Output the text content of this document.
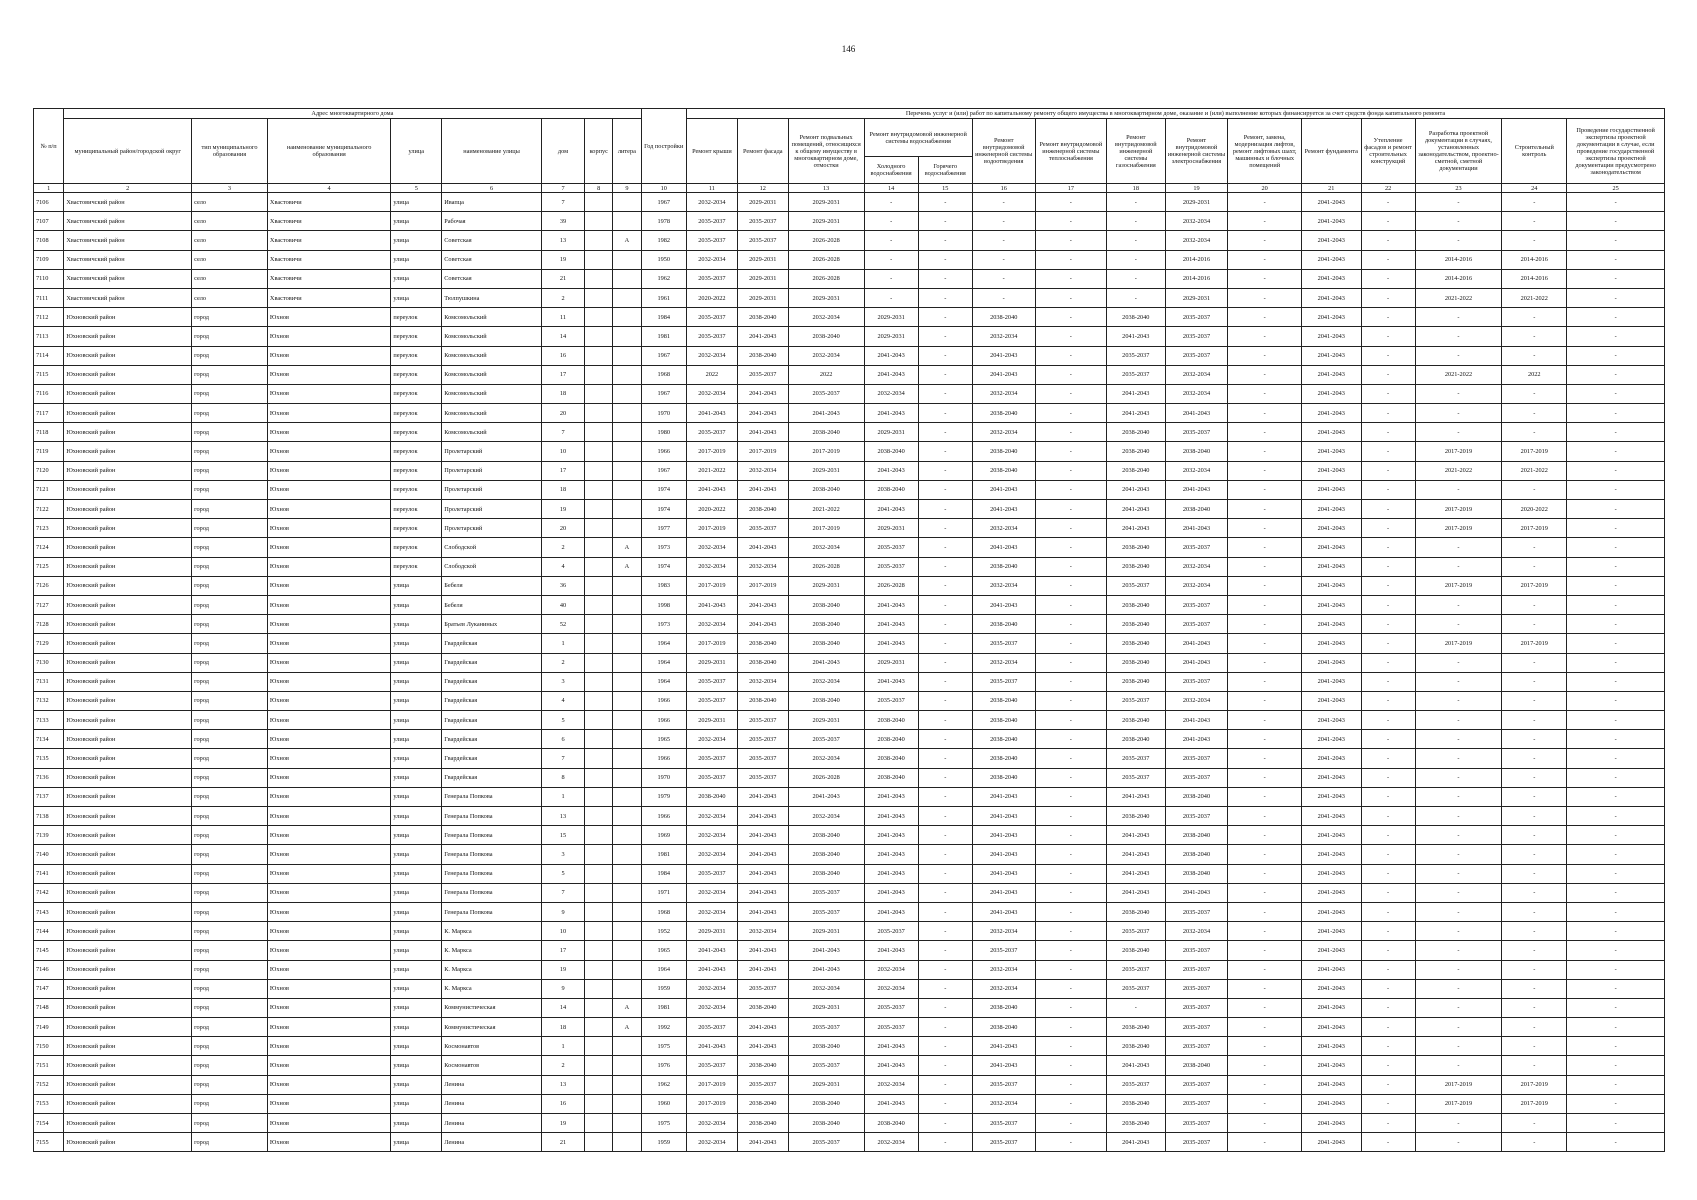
146
№ п/п	Адрес многоквартирного дома								Год постройки	Перечень услуг и (или) работ по капитальному ремонту общего имущества в многоквартирном доме, оказание и (или) выполнение которых финансируется за счет средств фонда капитального ремонта														
	муниципальный район/городской округ	тип муниципального образования	наименование муниципального образования	улица	наименование улицы	дом	корпус	литера		Ремонт крыши	Ремонт фасада	Ремонт подвальных помещений, относящихся к общему имуществу в многоквартирном доме, отмостки	Ремонт внутридомовой инженерной системы водоснабжения		Ремонт внутридомовой инженерной системы водоотведения	Ремонт внутридомовой инженерной системы теплоснабжения	Ремонт внутридомовой инженерной системы газоснабжения	Ремонт внутридомовой инженерной системы электроснабжения	Ремонт, замена, модернизация лифтов, ремонт лифтовых шахт, машинных и блочных помещений	Ремонт фундамента	Утепление фасадов и ремонт строительных конструкций	Разработка проектной документации в случаях, установленных законодательством, проектно-сметной, сметной документации	Строительный контроль	Проведение государственной экспертизы проектной документации в случае, если проведение государственной экспертизы проектной документации предусмотрено законодательством
													Холодного водоснабжения	Горячего водоснабжения										
1	2	3	4	5	6	7	8	9	10	11	12	13	14	15	16	17	18	19	20	21	22	23	24	25
7106	Хвастовичский район	село	Хвастовичи	улица	Ивапца	7			1967	2032-2034	2029-2031	2029-2031	-	-	-	-	-	2029-2031	-	2041-2043	-	-	-	-
7107	Хвастовичский район	село	Хвастовичи	улица	Рабочая	39			1978	2035-2037	2035-2037	2029-2031	-	-	-	-	-	2032-2034	-	2041-2043	-	-	-	-
7108	Хвастовичский район	село	Хвастовичи	улица	Советская	13		А	1982	2035-2037	2035-2037	2026-2028	-	-	-	-	-	2032-2034	-	2041-2043	-	-	-	-
7109	Хвастовичский район	село	Хвастовичи	улица	Советская	19			1950	2032-2034	2029-2031	2026-2028	-	-	-	-	-	2014-2016	-	2041-2043	-	2014-2016	2014-2016	-
7110	Хвастовичский район	село	Хвастовичи	улица	Советская	21			1962	2035-2037	2029-2031	2026-2028	-	-	-	-	-	2014-2016	-	2041-2043	-	2014-2016	2014-2016	-
7111	Хвастовичский район	село	Хвастовичи	улица	Тюлпушкина	2			1961	2020-2022	2029-2031	2029-2031	-	-	-	-	-	2029-2031	-	2041-2043	-	2021-2022	2021-2022	-
7112	Юхновский район	город	Юхнов	переулок	Комсомольский	11			1984	2035-2037	2038-2040	2032-2034	2029-2031	-	2038-2040	-	2038-2040	2035-2037	-	2041-2043	-	-	-	-
7113	Юхновский район	город	Юхнов	переулок	Комсомольский	14			1981	2035-2037	2041-2043	2038-2040	2029-2031	-	2032-2034	-	2041-2043	2035-2037	-	2041-2043	-	-	-	-
7114	Юхновский район	город	Юхнов	переулок	Комсомольский	16			1967	2032-2034	2038-2040	2032-2034	2041-2043	-	2041-2043	-	2035-2037	2035-2037	-	2041-2043	-	-	-	-
7115	Юхновский район	город	Юхнов	переулок	Комсомольский	17			1968	2022	2035-2037	2022	2041-2043	-	2041-2043	-	2035-2037	2032-2034	-	2041-2043	-	2021-2022	2022	-
7116	Юхновский район	город	Юхнов	переулок	Комсомольский	18			1967	2032-2034	2041-2043	2035-2037	2032-2034	-	2032-2034	-	2041-2043	2032-2034	-	2041-2043	-	-	-	-
7117	Юхновский район	город	Юхнов	переулок	Комсомольский	20			1970	2041-2043	2041-2043	2041-2043	2041-2043	-	2038-2040	-	2041-2043	2041-2043	-	2041-2043	-	-	-	-
7118	Юхновский район	город	Юхнов	переулок	Комсомольский	7			1980	2035-2037	2041-2043	2038-2040	2029-2031	-	2032-2034	-	2038-2040	2035-2037	-	2041-2043	-	-	-	-
7119	Юхновский район	город	Юхнов	переулок	Пролетарский	10			1966	2017-2019	2017-2019	2017-2019	2038-2040	-	2038-2040	-	2038-2040	2038-2040	-	2041-2043	-	2017-2019	2017-2019	-
7120	Юхновский район	город	Юхнов	переулок	Пролетарский	17			1967	2021-2022	2032-2034	2029-2031	2041-2043	-	2038-2040	-	2038-2040	2032-2034	-	2041-2043	-	2021-2022	2021-2022	-
7121	Юхновский район	город	Юхнов	переулок	Пролетарский	18			1974	2041-2043	2041-2043	2038-2040	2038-2040	-	2041-2043	-	2041-2043	2041-2043	-	2041-2043	-	-	-	-
7122	Юхновский район	город	Юхнов	переулок	Пролетарский	19			1974	2020-2022	2038-2040	2021-2022	2041-2043	-	2041-2043	-	2041-2043	2038-2040	-	2041-2043	-	2017-2019	2020-2022	-
7123	Юхновский район	город	Юхнов	переулок	Пролетарский	20			1977	2017-2019	2035-2037	2017-2019	2029-2031	-	2032-2034	-	2041-2043	2041-2043	-	2041-2043	-	2017-2019	2017-2019	-
7124	Юхновский район	город	Юхнов	переулок	Слободской	2		А	1973	2032-2034	2041-2043	2032-2034	2035-2037	-	2041-2043	-	2038-2040	2035-2037	-	2041-2043	-	-	-	-
7125	Юхновский район	город	Юхнов	переулок	Слободской	4		А	1974	2032-2034	2032-2034	2026-2028	2035-2037	-	2038-2040	-	2038-2040	2032-2034	-	2041-2043	-	-	-	-
7126	Юхновский район	город	Юхнов	улица	Бебеля	36			1983	2017-2019	2017-2019	2029-2031	2026-2028	-	2032-2034	-	2035-2037	2032-2034	-	2041-2043	-	2017-2019	2017-2019	-
7127	Юхновский район	город	Юхнов	улица	Бебеля	40			1998	2041-2043	2041-2043	2038-2040	2041-2043	-	2041-2043	-	2038-2040	2035-2037	-	2041-2043	-	-	-	-
7128	Юхновский район	город	Юхнов	улица	Братьев Луканиных	52			1973	2032-2034	2041-2043	2038-2040	2041-2043	-	2038-2040	-	2038-2040	2035-2037	-	2041-2043	-	-	-	-
7129	Юхновский район	город	Юхнов	улица	Гвардейская	1			1964	2017-2019	2038-2040	2038-2040	2041-2043	-	2035-2037	-	2038-2040	2041-2043	-	2041-2043	-	2017-2019	2017-2019	-
7130	Юхновский район	город	Юхнов	улица	Гвардейская	2			1964	2029-2031	2038-2040	2041-2043	2029-2031	-	2032-2034	-	2038-2040	2041-2043	-	2041-2043	-	-	-	-
7131	Юхновский район	город	Юхнов	улица	Гвардейская	3			1964	2035-2037	2032-2034	2032-2034	2041-2043	-	2035-2037	-	2038-2040	2035-2037	-	2041-2043	-	-	-	-
7132	Юхновский район	город	Юхнов	улица	Гвардейская	4			1966	2035-2037	2038-2040	2038-2040	2035-2037	-	2038-2040	-	2035-2037	2032-2034	-	2041-2043	-	-	-	-
7133	Юхновский район	город	Юхнов	улица	Гвардейская	5			1966	2029-2031	2035-2037	2029-2031	2038-2040	-	2038-2040	-	2038-2040	2041-2043	-	2041-2043	-	-	-	-
7134	Юхновский район	город	Юхнов	улица	Гвардейская	6			1965	2032-2034	2035-2037	2035-2037	2038-2040	-	2038-2040	-	2038-2040	2041-2043	-	2041-2043	-	-	-	-
7135	Юхновский район	город	Юхнов	улица	Гвардейская	7			1966	2035-2037	2035-2037	2032-2034	2038-2040	-	2038-2040	-	2035-2037	2035-2037	-	2041-2043	-	-	-	-
7136	Юхновский район	город	Юхнов	улица	Гвардейская	8			1970	2035-2037	2035-2037	2026-2028	2038-2040	-	2038-2040	-	2035-2037	2035-2037	-	2041-2043	-	-	-	-
7137	Юхновский район	город	Юхнов	улица	Генерала Попкова	1			1979	2038-2040	2041-2043	2041-2043	2041-2043	-	2041-2043	-	2041-2043	2038-2040	-	2041-2043	-	-	-	-
7138	Юхновский район	город	Юхнов	улица	Генерала Попкова	13			1966	2032-2034	2041-2043	2032-2034	2041-2043	-	2041-2043	-	2038-2040	2035-2037	-	2041-2043	-	-	-	-
7139	Юхновский район	город	Юхнов	улица	Генерала Попкова	15			1969	2032-2034	2041-2043	2038-2040	2041-2043	-	2041-2043	-	2041-2043	2038-2040	-	2041-2043	-	-	-	-
7140	Юхновский район	город	Юхнов	улица	Генерала Попкова	3			1981	2032-2034	2041-2043	2038-2040	2041-2043	-	2041-2043	-	2041-2043	2038-2040	-	2041-2043	-	-	-	-
7141	Юхновский район	город	Юхнов	улица	Генерала Попкова	5			1984	2035-2037	2041-2043	2038-2040	2041-2043	-	2041-2043	-	2041-2043	2038-2040	-	2041-2043	-	-	-	-
7142	Юхновский район	город	Юхнов	улица	Генерала Попкова	7			1971	2032-2034	2041-2043	2035-2037	2041-2043	-	2041-2043	-	2041-2043	2041-2043	-	2041-2043	-	-	-	-
7143	Юхновский район	город	Юхнов	улица	Генерала Попкова	9			1968	2032-2034	2041-2043	2035-2037	2041-2043	-	2041-2043	-	2038-2040	2035-2037	-	2041-2043	-	-	-	-
7144	Юхновский район	город	Юхнов	улица	К. Маркса	10			1952	2029-2031	2032-2034	2029-2031	2035-2037	-	2032-2034	-	2035-2037	2032-2034	-	2041-2043	-	-	-	-
7145	Юхновский район	город	Юхнов	улица	К. Маркса	17			1965	2041-2043	2041-2043	2041-2043	2041-2043	-	2035-2037	-	2038-2040	2035-2037	-	2041-2043	-	-	-	-
7146	Юхновский район	город	Юхнов	улица	К. Маркса	19			1964	2041-2043	2041-2043	2041-2043	2032-2034	-	2032-2034	-	2035-2037	2035-2037	-	2041-2043	-	-	-	-
7147	Юхновский район	город	Юхнов	улица	К. Маркса	9			1959	2032-2034	2035-2037	2032-2034	2032-2034	-	2032-2034	-	2035-2037	2035-2037	-	2041-2043	-	-	-	-
7148	Юхновский район	город	Юхнов	улица	Коммунистическая	14		А	1981	2032-2034	2038-2040	2029-2031	2035-2037	-	2038-2040	-	-	2035-2037	-	2041-2043	-	-	-	-
7149	Юхновский район	город	Юхнов	улица	Коммунистическая	18		А	1992	2035-2037	2041-2043	2035-2037	2035-2037	-	2038-2040	-	2038-2040	2035-2037	-	2041-2043	-	-	-	-
7150	Юхновский район	город	Юхнов	улица	Космонавтов	1			1975	2041-2043	2041-2043	2038-2040	2041-2043	-	2041-2043	-	2038-2040	2035-2037	-	2041-2043	-	-	-	-
7151	Юхновский район	город	Юхнов	улица	Космонавтов	2			1976	2035-2037	2038-2040	2035-2037	2041-2043	-	2041-2043	-	2041-2043	2038-2040	-	2041-2043	-	-	-	-
7152	Юхновский район	город	Юхнов	улица	Ленина	13			1962	2017-2019	2035-2037	2029-2031	2032-2034	-	2035-2037	-	2035-2037	2035-2037	-	2041-2043	-	2017-2019	2017-2019	-
7153	Юхновский район	город	Юхнов	улица	Ленина	16			1960	2017-2019	2038-2040	2038-2040	2041-2043	-	2032-2034	-	2038-2040	2035-2037	-	2041-2043	-	2017-2019	2017-2019	-
7154	Юхновский район	город	Юхнов	улица	Ленина	19			1975	2032-2034	2038-2040	2038-2040	2038-2040	-	2035-2037	-	2038-2040	2035-2037	-	2041-2043	-	-	-	-
7155	Юхновский район	город	Юхнов	улица	Ленина	21			1959	2032-2034	2041-2043	2035-2037	2032-2034	-	2035-2037	-	2041-2043	2035-2037	-	2041-2043	-	-	-	-
